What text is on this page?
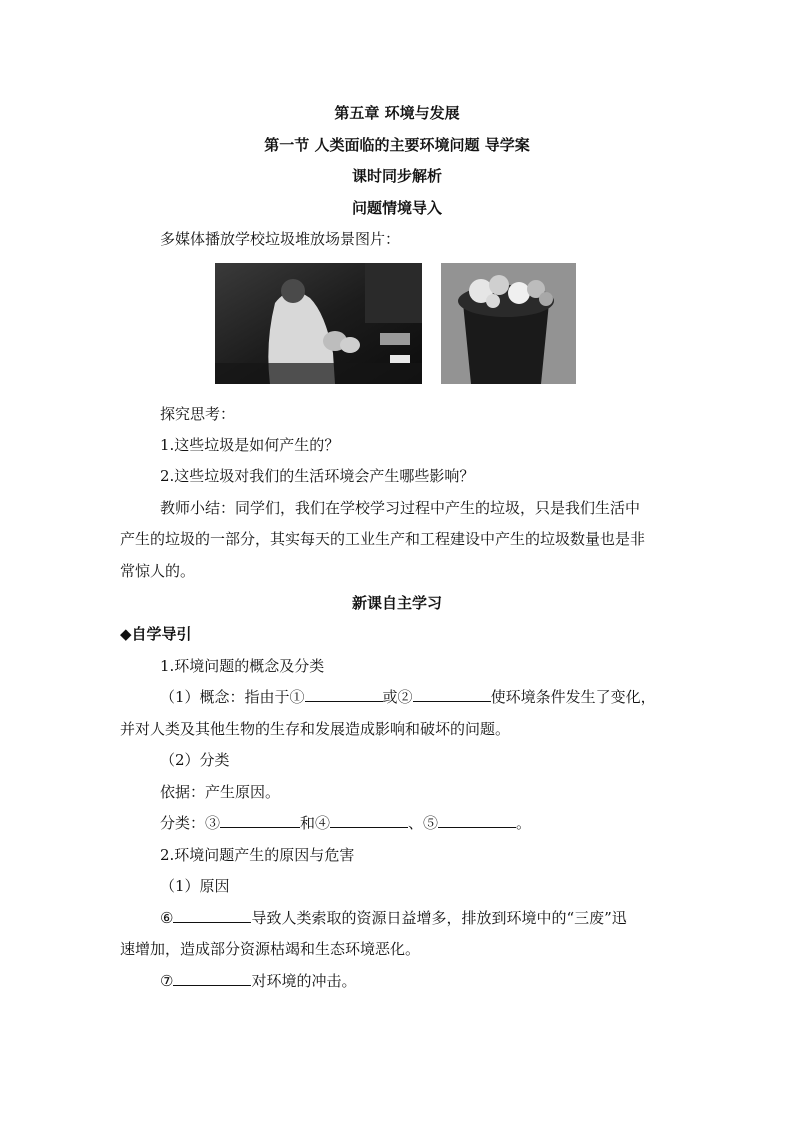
第五章 环境与发展
第一节 人类面临的主要环境问题 导学案
课时同步解析
问题情境导入
多媒体播放学校垃圾堆放场景图片：
探究思考：
1.这些垃圾是如何产生的？
2.这些垃圾对我们的生活环境会产生哪些影响？
教师小结：同学们，我们在学校学习过程中产生的垃圾，只是我们生活中
产生的垃圾的一部分，其实每天的工业生产和工程建设中产生的垃圾数量也是非
常惊人的。
新课自主学习
◆自学导引
1.环境问题的概念及分类
（1）概念：指由于①	或②	使环境条件发生了变化，
并对人类及其他生物的生存和发展造成影响和破坏的问题。
（2）分类
依据：产生原因。
分类：③	和④	、⑤	。
2.环境问题产生的原因与危害
（1）原因
⑥	导致人类索取的资源日益增多，排放到环境中的“三废”迅
速增加，造成部分资源枯竭和生态环境恶化。
⑦	对环境的冲击。
